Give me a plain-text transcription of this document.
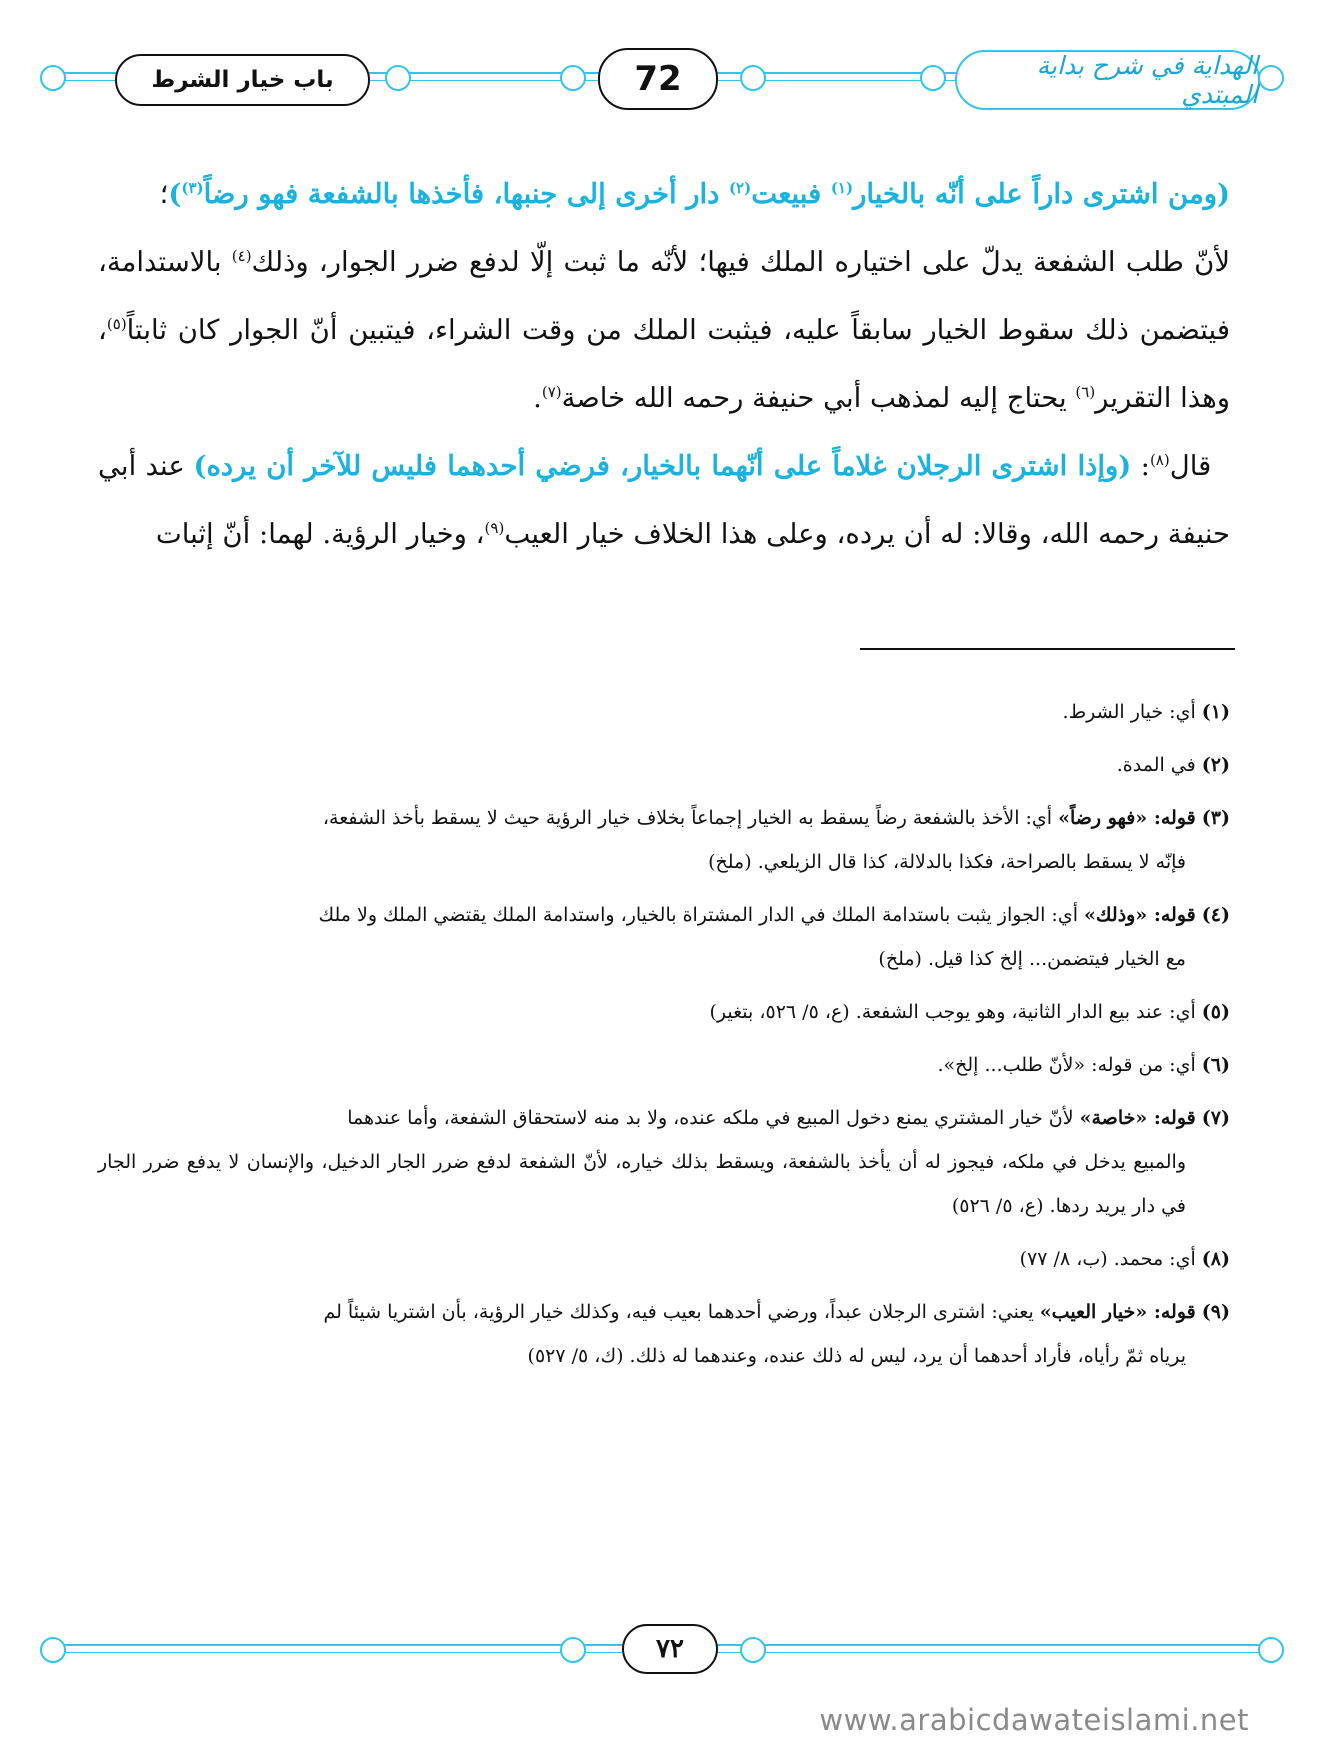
باب خيار الشرط	72	الهداية في شرح بداية المبتدي

(ومن اشترى داراً على أنّه بالخيار$^{(١)}$ فبيعت$^{(٢)}$ دار أخرى إلى جنبها، فأخذها بالشفعة فهو رضاً$^{(٣)}$)؛

لأنّ طلب الشفعة يدلّ على اختياره الملك فيها؛ لأنّه ما ثبت إلّا لدفع ضرر الجوار، وذلك$^{(٤)}$ بالاستدامة، فيتضمن ذلك سقوط الخيار سابقاً عليه، فيثبت الملك من وقت الشراء، فيتبين أنّ الجوار كان ثابتاً$^{(٥)}$، وهذا التقرير$^{(٦)}$ يحتاج إليه لمذهب أبي حنيفة رحمه الله خاصة$^{(٧)}$.

قال$^{(٨)}$: (وإذا اشترى الرجلان غلاماً على أنّهما بالخيار، فرضي أحدهما فليس للآخر أن يرده) عند أبي حنيفة رحمه الله، وقالا: له أن يرده، وعلى هذا الخلاف خيار العيب$^{(٩)}$، وخيار الرؤية. لهما: أنّ إثبات

(١) أي: خيار الشرط.

(٢) في المدة.

(٣) قوله: «فهو رضاً» أي: الأخذ بالشفعة رضاً يسقط به الخيار إجماعاً بخلاف خيار الرؤية حيث لا يسقط بأخذ الشفعة،
فإنّه لا يسقط بالصراحة، فكذا بالدلالة، كذا قال الزيلعي. (ملخ)

(٤) قوله: «وذلك» أي: الجواز يثبت باستدامة الملك في الدار المشتراة بالخيار، واستدامة الملك يقتضي الملك ولا ملك
مع الخيار فيتضمن... إلخ كذا قيل. (ملخ)

(٥) أي: عند بيع الدار الثانية، وهو يوجب الشفعة. (ع، ٥/ ٥٢٦، بتغير)

(٦) أي: من قوله: «لأنّ طلب... إلخ».

(٧) قوله: «خاصة» لأنّ خيار المشتري يمنع دخول المبيع في ملكه عنده، ولا بد منه لاستحقاق الشفعة، وأما عندهما
والمبيع يدخل في ملكه، فيجوز له أن يأخذ بالشفعة، ويسقط بذلك خياره، لأنّ الشفعة لدفع ضرر الجار الدخيل، والإنسان لا يدفع ضرر الجار في دار يريد ردها. (ع، ٥/ ٥٢٦)

(٨) أي: محمد. (ب، ٨/ ٧٧)

(٩) قوله: «خيار العيب» يعني: اشترى الرجلان عبداً، ورضي أحدهما بعيب فيه، وكذلك خيار الرؤية، بأن اشتريا شيئاً لم
يرياه ثمّ رأياه، فأراد أحدهما أن يرد، ليس له ذلك عنده، وعندهما له ذلك. (ك، ٥/ ٥٢٧)

٧٢
www.arabicdawateislami.net
